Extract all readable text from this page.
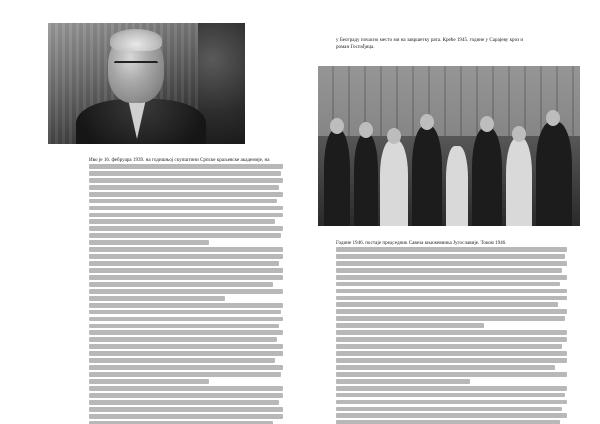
Иво је 16. фебруара 1939. на годишњој скупштини Српске краљевске академије, на
у Београду почасно место ми на завршетку рата. Креће 1945. године у Сарајеву кроз и
роман Госпођица.
Године 1946. постаје председник Савеза књижевника Југославије. Током 1946.
